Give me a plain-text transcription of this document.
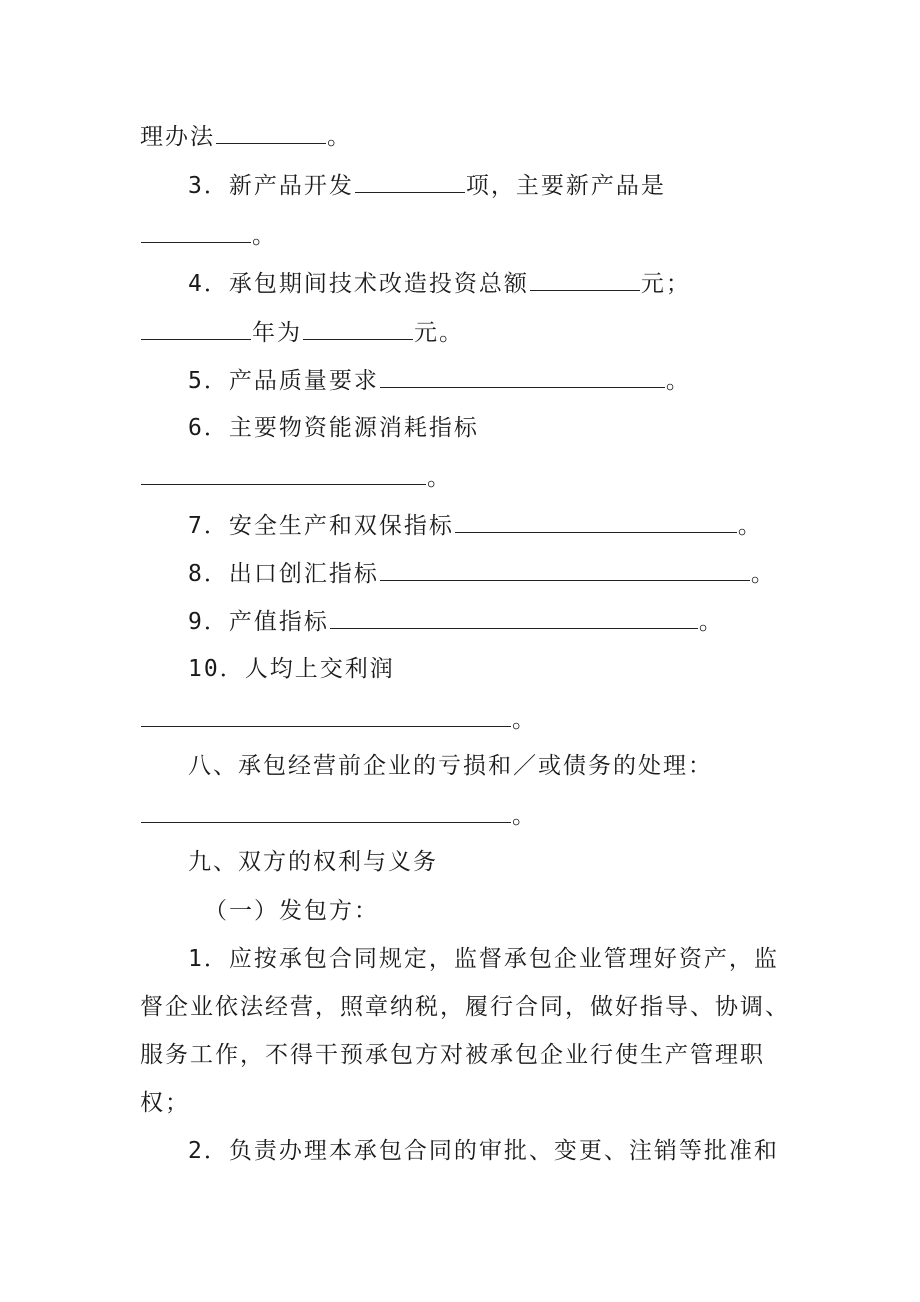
理办法	。
3．新产品开发	项，主要新产品是
。
4．承包期间技术改造投资总额	元；
年为	元。
5．产品质量要求	。
6．主要物资能源消耗指标
。
7．安全生产和双保指标	。
8．出口创汇指标	。
9．产值指标	。
10．人均上交利润
。
八、承包经营前企业的亏损和／或债务的处理：
。
九、双方的权利与义务
（一）发包方：
1．应按承包合同规定，监督承包企业管理好资产，监
督企业依法经营，照章纳税，履行合同，做好指导、协调、
服务工作，不得干预承包方对被承包企业行使生产管理职
权；
2．负责办理本承包合同的审批、变更、注销等批准和
